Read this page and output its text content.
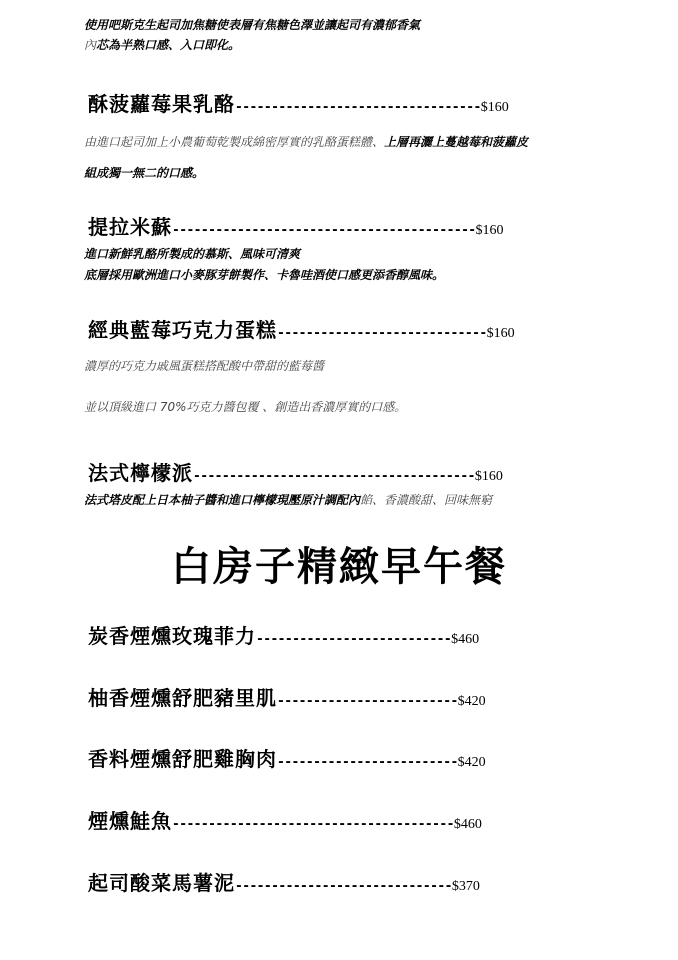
使用吧斯克生起司加焦糖使表層有焦糖色澤並讓起司有濃郁香氣
內芯為半熟口感、入口即化。
酥菠蘿莓果乳酪 ---------------------------------- $160
由進口起司加上小農葡萄乾製成綿密厚實的乳酪蛋糕體、上層再灑上蔓越莓和菠蘿皮
組成獨一無二的口感。
提拉米蘇 ------------------------------------------ $160
進口新鮮乳酪所製成的慕斯、風味可清爽
底層採用歐洲進口小麥豚芽餅製作、卡魯哇酒使口感更添香醇風味。
經典藍莓巧克力蛋糕 ----------------------------- $160
濃厚的巧克力戚風蛋糕搭配酸中帶甜的藍莓醬
並以頂級進口 70%巧克力醬包覆 、創造出香濃厚實的口感。
法式檸檬派 --------------------------------------- $160
法式塔皮配上日本柚子醬和進口檸檬現壓原汁調配內餡、香濃酸甜、回味無窮
白房子精緻早午餐
炭香煙燻玫瑰菲力 --------------------------- $460
柚香煙燻舒肥豬里肌 ------------------------- $420
香料煙燻舒肥雞胸肉 ------------------------- $420
煙燻鮭魚 --------------------------------------- $460
起司酸菜馬薯泥 ------------------------------ $370
